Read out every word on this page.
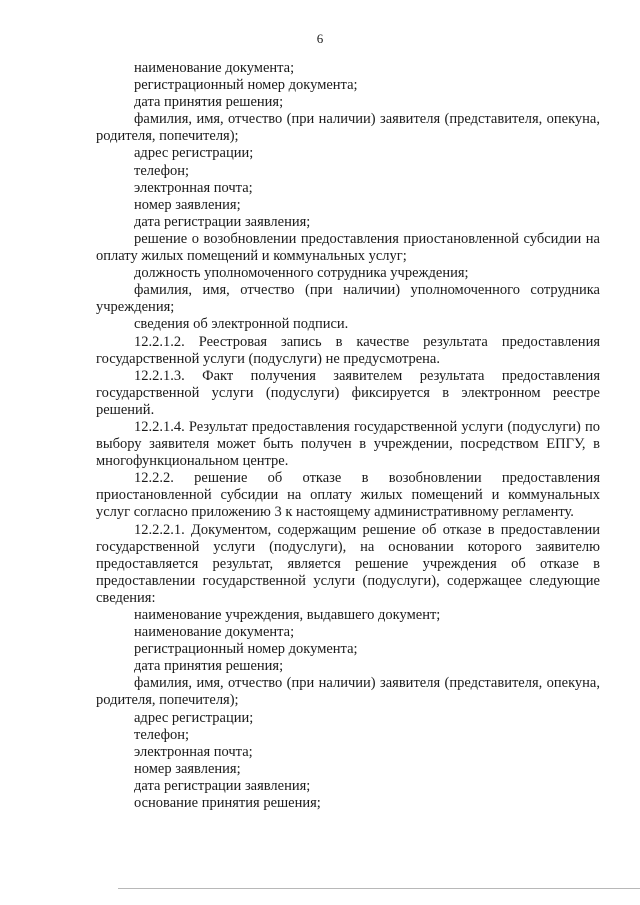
6

наименование документа;

регистрационный номер документа;

дата принятия решения;

фамилия, имя, отчество (при наличии) заявителя (представителя, опекуна, родителя, попечителя);

адрес регистрации;

телефон;

электронная почта;

номер заявления;

дата регистрации заявления;

решение о возобновлении предоставления приостановленной субсидии на оплату жилых помещений и коммунальных услуг;

должность уполномоченного сотрудника учреждения;

фамилия, имя, отчество (при наличии) уполномоченного сотрудника учреждения;

сведения об электронной подписи.

12.2.1.2. Реестровая запись в качестве результата предоставления государственной услуги (подуслуги) не предусмотрена.

12.2.1.3. Факт получения заявителем результата предоставления государственной услуги (подуслуги) фиксируется в электронном реестре решений.

12.2.1.4. Результат предоставления государственной услуги (подуслуги) по выбору заявителя может быть получен в учреждении, посредством ЕПГУ, в многофункциональном центре.

12.2.2. решение об отказе в возобновлении предоставления приостановленной субсидии на оплату жилых помещений и коммунальных услуг согласно приложению 3 к настоящему административному регламенту.

12.2.2.1. Документом, содержащим решение об отказе в предоставлении государственной услуги (подуслуги), на основании которого заявителю предоставляется результат, является решение учреждения об отказе в предоставлении государственной услуги (подуслуги), содержащее следующие сведения:

наименование учреждения, выдавшего документ;

наименование документа;

регистрационный номер документа;

дата принятия решения;

фамилия, имя, отчество (при наличии) заявителя (представителя, опекуна, родителя, попечителя);

адрес регистрации;

телефон;

электронная почта;

номер заявления;

дата регистрации заявления;

основание принятия решения;
